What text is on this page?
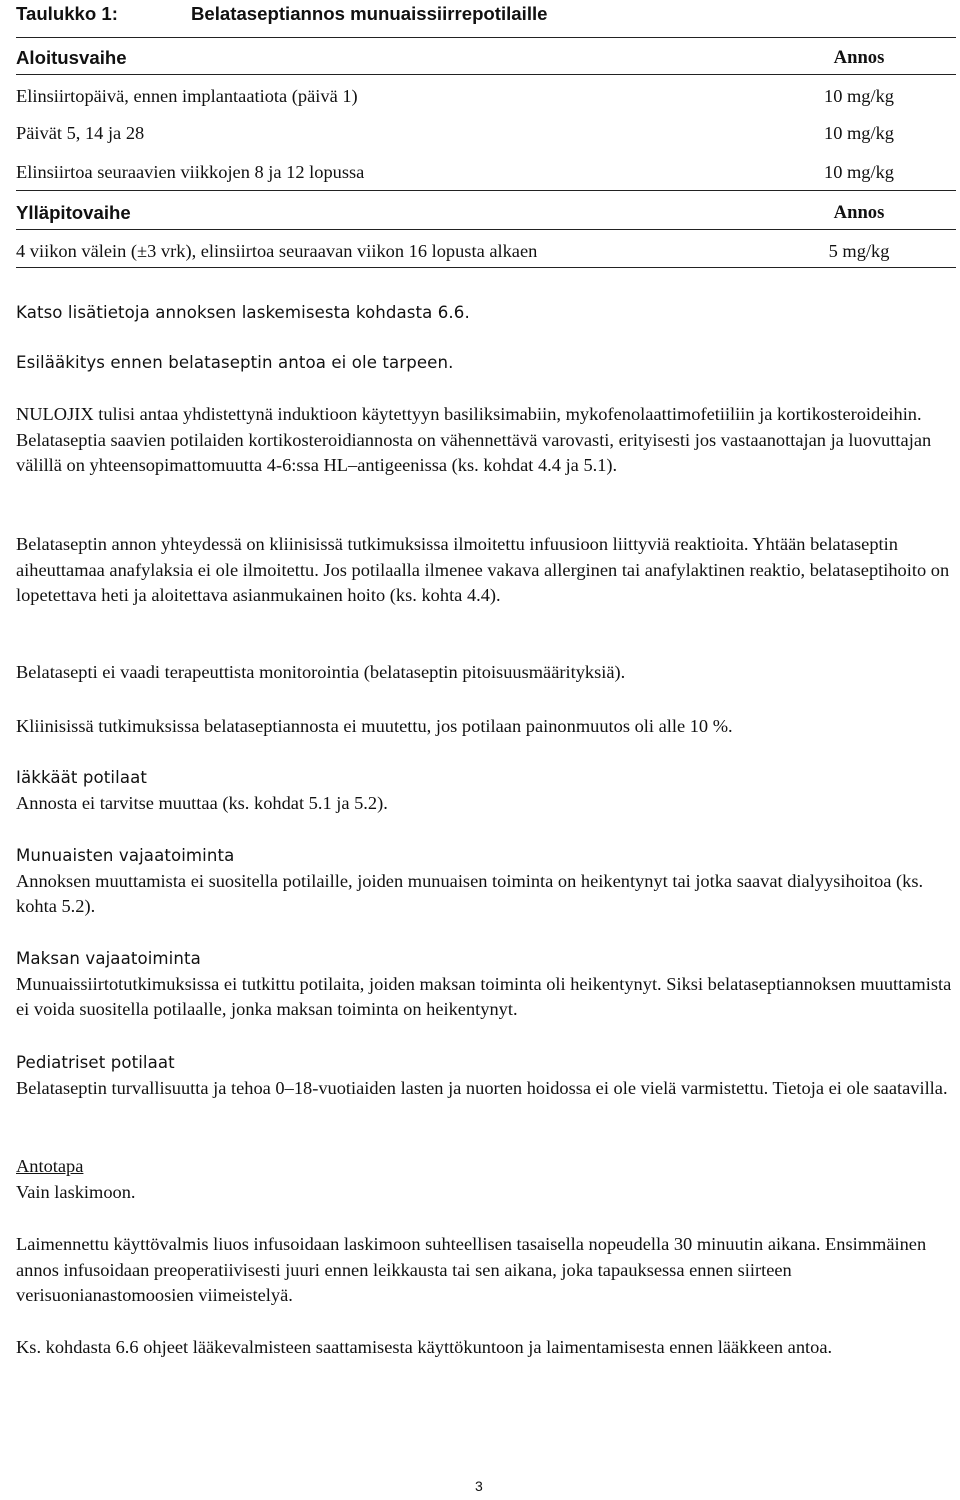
Taulukko 1:	Belataseptiannos munuaissiirrepotilaille
Aloitusvaihe	Annos
Elinsiirtopäivä, ennen implantaatiota (päivä 1)	10 mg/kg
Päivät 5, 14 ja 28	10 mg/kg
Elinsiirtoa seuraavien viikkojen 8 ja 12 lopussa	10 mg/kg
Ylläpitovaihe	Annos
4 viikon välein (±3 vrk), elinsiirtoa seuraavan viikon 16 lopusta alkaen	5 mg/kg

Katso lisätietoja annoksen laskemisesta kohdasta 6.6.

Esilääkitys ennen belataseptin antoa ei ole tarpeen.

NULOJIX tulisi antaa yhdistettynä induktioon käytettyyn basiliksimabiin, mykofenolaattimofetiiliin ja kortikosteroideihin. Belataseptia saavien potilaiden kortikosteroidiannosta on vähennettävä varovasti, erityisesti jos vastaanottajan ja luovuttajan välillä on yhteensopimattomuutta 4-6:ssa HL–antigeenissa (ks. kohdat 4.4 ja 5.1).

Belataseptin annon yhteydessä on kliinisissä tutkimuksissa ilmoitettu infuusioon liittyviä reaktioita. Yhtään belataseptin aiheuttamaa anafylaksia ei ole ilmoitettu. Jos potilaalla ilmenee vakava allerginen tai anafylaktinen reaktio, belataseptihoito on lopetettava heti ja aloitettava asianmukainen hoito (ks. kohta 4.4).

Belatasepti ei vaadi terapeuttista monitorointia (belataseptin pitoisuusmäärityksiä).

Kliinisissä tutkimuksissa belataseptiannosta ei muutettu, jos potilaan painonmuutos oli alle 10 %.

Iäkkäät potilaat

Annosta ei tarvitse muuttaa (ks. kohdat 5.1 ja 5.2).

Munuaisten vajaatoiminta

Annoksen muuttamista ei suositella potilaille, joiden munuaisen toiminta on heikentynyt tai jotka saavat dialyysihoitoa (ks. kohta 5.2).

Maksan vajaatoiminta

Munuaissiirtotutkimuksissa ei tutkittu potilaita, joiden maksan toiminta oli heikentynyt. Siksi belataseptiannoksen muuttamista ei voida suositella potilaalle, jonka maksan toiminta on heikentynyt.

Pediatriset potilaat

Belataseptin turvallisuutta ja tehoa 0–18-vuotiaiden lasten ja nuorten hoidossa ei ole vielä varmistettu. Tietoja ei ole saatavilla.

Antotapa

Vain laskimoon.

Laimennettu käyttövalmis liuos infusoidaan laskimoon suhteellisen tasaisella nopeudella 30 minuutin aikana. Ensimmäinen annos infusoidaan preoperatiivisesti juuri ennen leikkausta tai sen aikana, joka tapauksessa ennen siirteen verisuonianastomoosien viimeistelyä.

Ks. kohdasta 6.6 ohjeet lääkevalmisteen saattamisesta käyttökuntoon ja laimentamisesta ennen lääkkeen antoa.

3
